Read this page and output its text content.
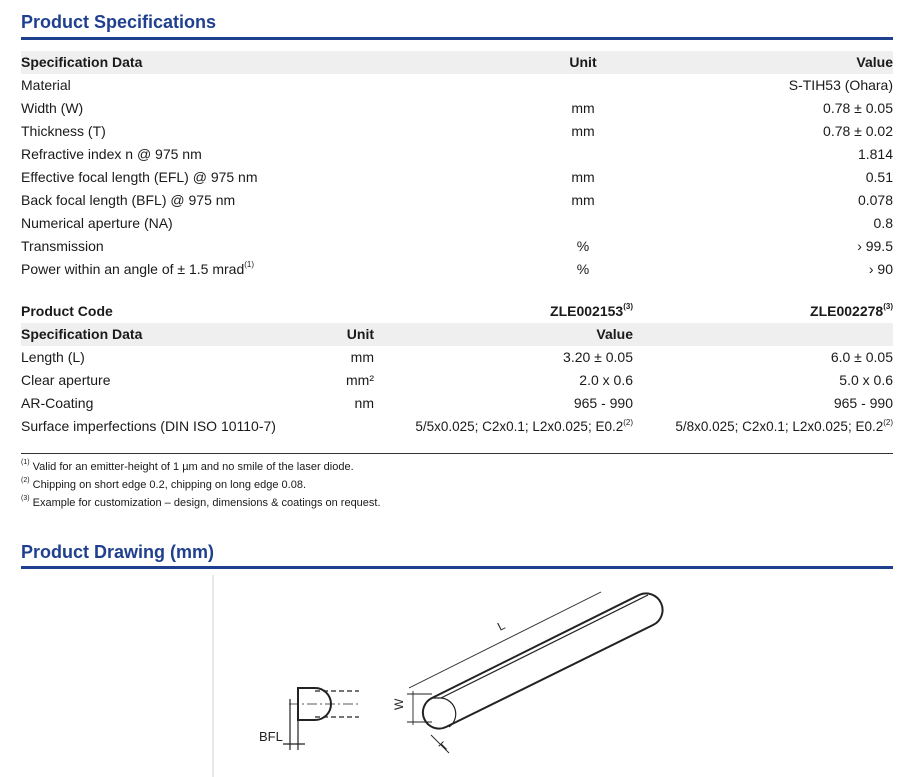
Product Specifications
Specification Data	Unit	Value
Material		S-TIH53 (Ohara)
Width (W)	mm	0.78 ± 0.05
Thickness (T)	mm	0.78 ± 0.02
Refractive index n @ 975 nm		1.814
Effective focal length (EFL) @ 975 nm	mm	0.51
Back focal length (BFL) @ 975 nm	mm	0.078
Numerical aperture (NA)		0.8
Transmission	%	› 99.5
Power within an angle of ± 1.5 mrad$^{(1)}$	%	› 90
Product Code		ZLE002153$^{(3)}$	ZLE002278$^{(3)}$
Specification Data	Unit	Value	
Length (L)	mm	3.20 ± 0.05	6.0 ± 0.05
Clear aperture	mm²	2.0 x 0.6	5.0 x 0.6
AR-Coating	nm	965 - 990	965 - 990
Surface imperfections (DIN ISO 10110-7)		5/5x0.025; C2x0.1; L2x0.025; E0.2$^{(2)}$	5/8x0.025; C2x0.1; L2x0.025; E0.2$^{(2)}$
$^{(1)}$ Valid for an emitter-height of 1 µm and no smile of the laser diode.
$^{(2)}$ Chipping on short edge 0.2, chipping on long edge 0.08.
$^{(3)}$ Example for customization – design, dimensions & coatings on request.
Product Drawing (mm)
BFL
L
W
T
